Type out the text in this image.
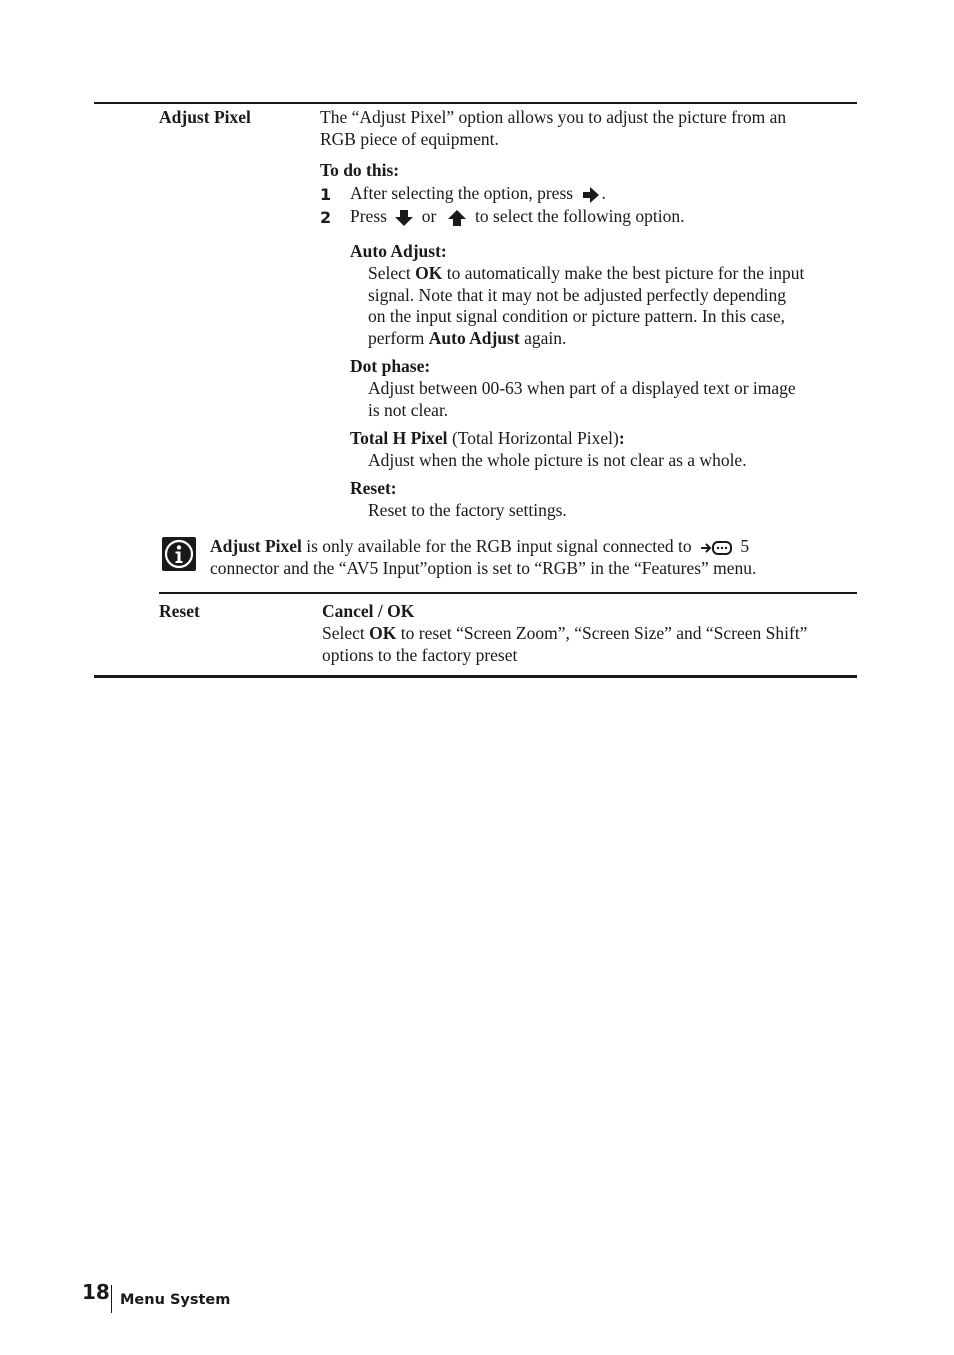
Adjust Pixel	The “Adjust Pixel” option allows you to adjust the picture from an
RGB piece of equipment.
To do this:
1 After selecting the option, press .
2 Press or to select the following option.
Auto Adjust:
Select OK to automatically make the best picture for the input
signal. Note that it may not be adjusted perfectly depending
on the input signal condition or picture pattern. In this case,
perform Auto Adjust again.
Dot phase:
Adjust between 00-63 when part of a displayed text or image
is not clear.
Total H Pixel (Total Horizontal Pixel):
Adjust when the whole picture is not clear as a whole.
Reset:
Reset to the factory settings.
Adjust Pixel is only available for the RGB input signal connected to	5
connector and the “AV5 Input”option is set to “RGB” in the “Features” menu.
Reset	Cancel / OK
Select OK to reset “Screen Zoom”, “Screen Size” and “Screen Shift”
options to the factory preset
18 Menu System
